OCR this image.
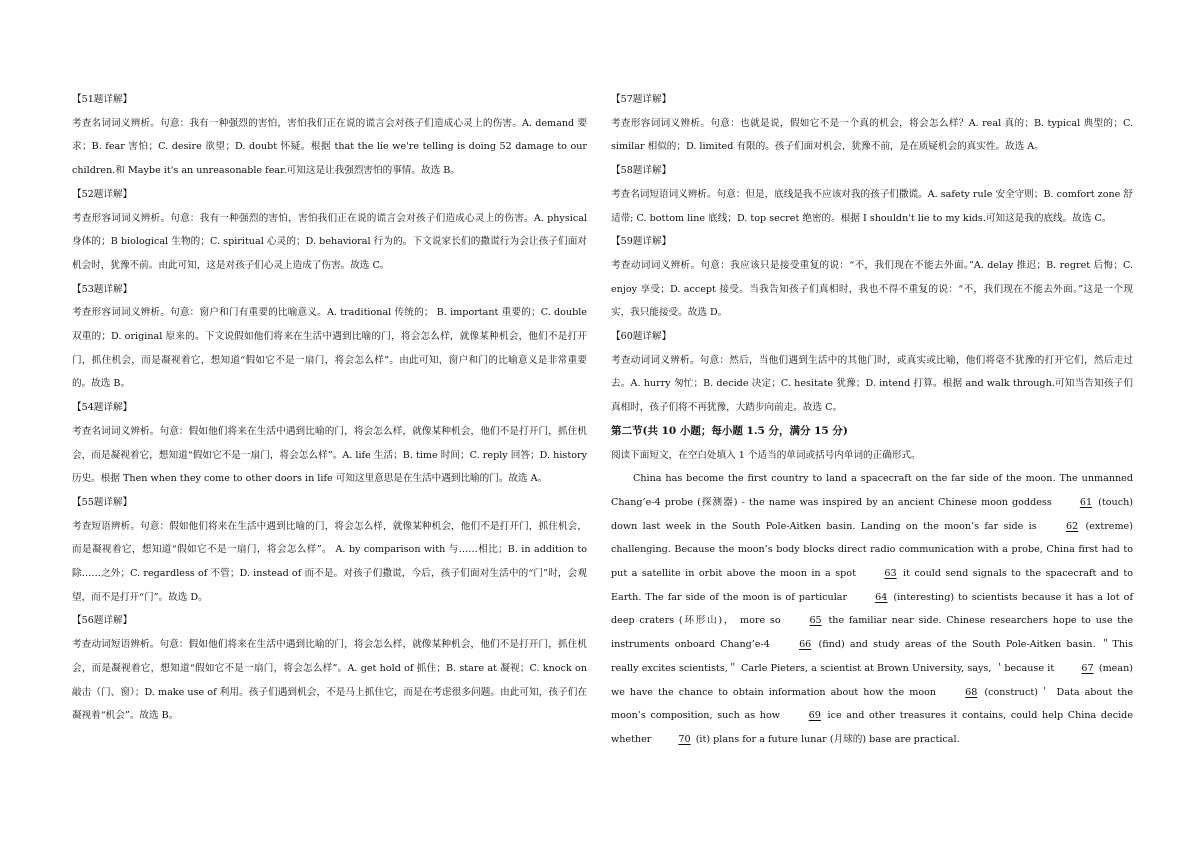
【51题详解】

考查名词词义辨析。句意：我有一种强烈的害怕，害怕我们正在说的谎言会对孩子们造成心灵上的伤害。A. demand 要求；B. fear 害怕；C. desire 欲望；D. doubt 怀疑。根据 that the lie we're telling is doing 52 damage to our children.和 Maybe it's an unreasonable fear.可知这是让我强烈害怕的事情。故选 B。

【52题详解】

考查形容词词义辨析。句意：我有一种强烈的害怕，害怕我们正在说的谎言会对孩子们造成心灵上的伤害。A. physical 身体的；B biological 生物的；C. spiritual 心灵的；D. behavioral 行为的。下文说家长们的撒谎行为会让孩子们面对机会时，犹豫不前。由此可知，这是对孩子们心灵上造成了伤害。故选 C。

【53题详解】

考查形容词词义辨析。句意：窗户和门有重要的比喻意义。A. traditional 传统的； B. important 重要的；C. double 双重的；D. original 原来的。下文说假如他们将来在生活中遇到比喻的门，将会怎么样，就像某种机会，他们不是打开门，抓住机会，而是凝视着它，想知道“假如它不是一扇门，将会怎么样”。由此可知，窗户和门的比喻意义是非常重要的。故选 B。

【54题详解】

考查名词词义辨析。句意：假如他们将来在生活中遇到比喻的门，将会怎么样，就像某种机会，他们不是打开门，抓住机会，而是凝视着它，想知道“假如它不是一扇门，将会怎么样”。A. life 生活；B. time 时间；C. reply 回答；D. history 历史。根据 Then when they come to other doors in life 可知这里意思是在生活中遇到比喻的门。故选 A。

【55题详解】

考查短语辨析。句意：假如他们将来在生活中遇到比喻的门，将会怎么样，就像某种机会，他们不是打开门，抓住机会，而是凝视着它，想知道“假如它不是一扇门，将会怎么样”。 A. by comparison with 与……相比；B. in addition to 除……之外；C. regardless of 不管；D. instead of 而不是。对孩子们撒谎，今后，孩子们面对生活中的“门”时，会观望，而不是打开“门”。故选 D。

【56题详解】

考查动词短语辨析。句意：假如他们将来在生活中遇到比喻的门，将会怎么样，就像某种机会，他们不是打开门，抓住机会，而是凝视着它，想知道“假如它不是一扇门，将会怎么样”。A. get hold of 抓住；B. stare at 凝视；C. knock on 敲击（门、窗）；D. make use of 利用。孩子们遇到机会，不是马上抓住它，而是在考虑很多问题。由此可知，孩子们在凝视着“机会”。故选 B。

【57题详解】

考查形容词词义辨析。句意：也就是说，假如它不是一个真的机会，将会怎么样？A. real 真的；B. typical 典型的；C. similar 相似的；D. limited 有限的。孩子们面对机会，犹豫不前，是在质疑机会的真实性。故选 A。

【58题详解】

考查名词短语词义辨析。句意：但是，底线是我不应该对我的孩子们撒谎。A. safety rule 安全守则；B. comfort zone 舒适带; C. bottom line 底线；D. top secret 绝密的。根据 I shouldn't lie to my kids.可知这是我的底线。故选 C。

【59题详解】

考查动词词义辨析。句意：我应该只是接受重复的说：“不，我们现在不能去外面。”A. delay 推迟；B. regret 后悔；C. enjoy 享受；D. accept 接受。当我告知孩子们真相时，我也不得不重复的说：“不，我们现在不能去外面。”这是一个现实，我只能接受。故选 D。

【60题详解】

考查动词词义辨析。句意：然后，当他们遇到生活中的其他门时，或真实或比喻，他们将毫不犹豫的打开它们，然后走过去。A. hurry 匆忙；B. decide 决定；C. hesitate 犹豫；D. intend 打算。根据 and walk through.可知当告知孩子们真相时，孩子们将不再犹豫，大踏步向前走。故选 C。

第二节(共 10 小题；每小题 1.5 分，满分 15 分)

阅读下面短文，在空白处填入 1 个适当的单词或括号内单词的正确形式。

China has become the first country to land a spacecraft on the far side of the moon. The unmanned Chang’e-4 probe (探测器) - the name was inspired by an ancient Chinese moon goddess	61 (touch) down last week in the South Pole-Aitken basin. Landing on the moon’s far side is	62 (extreme) challenging. Because the moon’s body blocks direct radio communication with a probe, China first had to put a satellite in orbit above the moon in a spot	63 it could send signals to the spacecraft and to Earth. The far side of the moon is of particular	64 (interesting) to scientists because it has a lot of deep craters (环形山)， more so	65 the familiar near side. Chinese researchers hope to use the instruments onboard Chang’e-4	66 (find) and study areas of the South Pole-Aitken basin. ＂This really excites scientists,＂ Carle Pieters, a scientist at Brown University, says, ＇because it	67 (mean) we have the chance to obtain information about how the moon	68 (construct)＇ Data about the moon’s composition, such as how	69 ice and other treasures it contains, could help China decide whether	70 (it) plans for a future lunar (月球的) base are practical.
